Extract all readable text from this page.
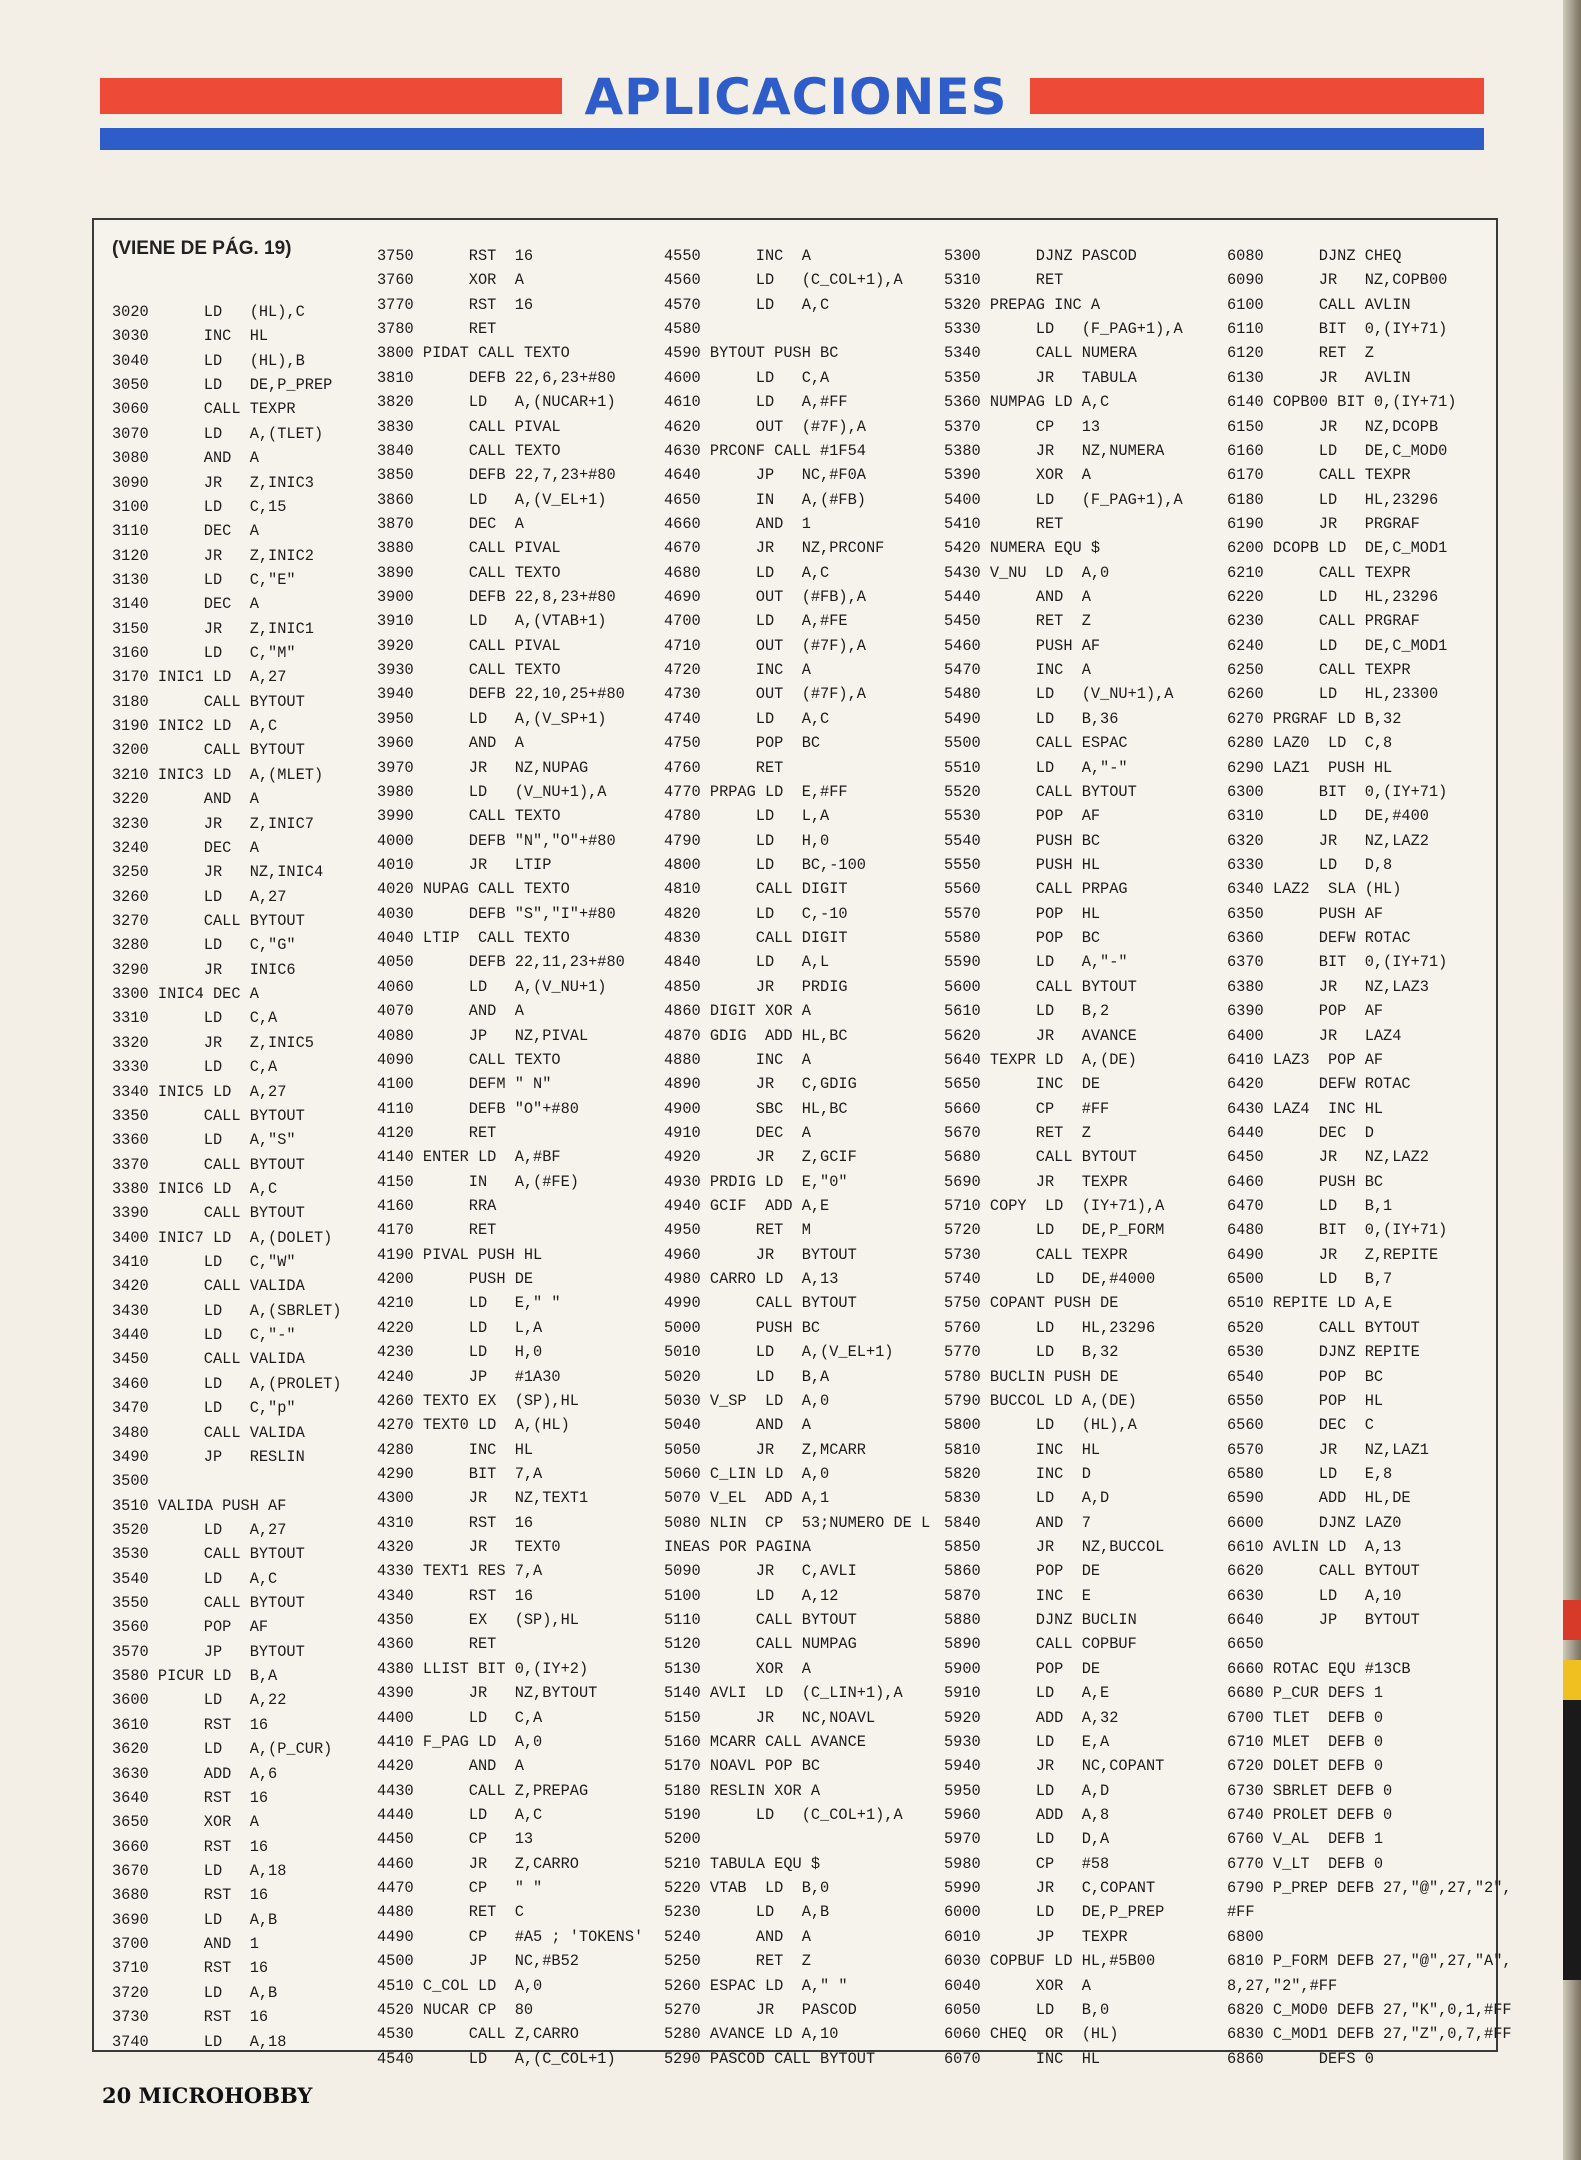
APLICACIONES
(VIENE DE PÁG. 19)
3020      LD   (HL),C
3030      INC  HL
3040      LD   (HL),B
3050      LD   DE,P_PREP
3060      CALL TEXPR
3070      LD   A,(TLET)
3080      AND  A
3090      JR   Z,INIC3
3100      LD   C,15
3110      DEC  A
3120      JR   Z,INIC2
3130      LD   C,"E"
3140      DEC  A
3150      JR   Z,INIC1
3160      LD   C,"M"
3170 INIC1 LD  A,27
3180      CALL BYTOUT
3190 INIC2 LD  A,C
3200      CALL BYTOUT
3210 INIC3 LD  A,(MLET)
3220      AND  A
3230      JR   Z,INIC7
3240      DEC  A
3250      JR   NZ,INIC4
3260      LD   A,27
3270      CALL BYTOUT
3280      LD   C,"G"
3290      JR   INIC6
3300 INIC4 DEC A
3310      LD   C,A
3320      JR   Z,INIC5
3330      LD   C,A
3340 INIC5 LD  A,27
3350      CALL BYTOUT
3360      LD   A,"S"
3370      CALL BYTOUT
3380 INIC6 LD  A,C
3390      CALL BYTOUT
3400 INIC7 LD  A,(DOLET)
3410      LD   C,"W"
3420      CALL VALIDA
3430      LD   A,(SBRLET)
3440      LD   C,"-"
3450      CALL VALIDA
3460      LD   A,(PROLET)
3470      LD   C,"p"
3480      CALL VALIDA
3490      JP   RESLIN
3500
3510 VALIDA PUSH AF
3520      LD   A,27
3530      CALL BYTOUT
3540      LD   A,C
3550      CALL BYTOUT
3560      POP  AF
3570      JP   BYTOUT
3580 PICUR LD  B,A
3600      LD   A,22
3610      RST  16
3620      LD   A,(P_CUR)
3630      ADD  A,6
3640      RST  16
3650      XOR  A
3660      RST  16
3670      LD   A,18
3680      RST  16
3690      LD   A,B
3700      AND  1
3710      RST  16
3720      LD   A,B
3730      RST  16
3740      LD   A,18
3750      RST  16
3760      XOR  A
3770      RST  16
3780      RET
3800 PIDAT CALL TEXTO
3810      DEFB 22,6,23+#80
3820      LD   A,(NUCAR+1)
3830      CALL PIVAL
3840      CALL TEXTO
3850      DEFB 22,7,23+#80
3860      LD   A,(V_EL+1)
3870      DEC  A
3880      CALL PIVAL
3890      CALL TEXTO
3900      DEFB 22,8,23+#80
3910      LD   A,(VTAB+1)
3920      CALL PIVAL
3930      CALL TEXTO
3940      DEFB 22,10,25+#80
3950      LD   A,(V_SP+1)
3960      AND  A
3970      JR   NZ,NUPAG
3980      LD   (V_NU+1),A
3990      CALL TEXTO
4000      DEFB "N","O"+#80
4010      JR   LTIP
4020 NUPAG CALL TEXTO
4030      DEFB "S","I"+#80
4040 LTIP  CALL TEXTO
4050      DEFB 22,11,23+#80
4060      LD   A,(V_NU+1)
4070      AND  A
4080      JP   NZ,PIVAL
4090      CALL TEXTO
4100      DEFM " N"
4110      DEFB "O"+#80
4120      RET
4140 ENTER LD  A,#BF
4150      IN   A,(#FE)
4160      RRA
4170      RET
4190 PIVAL PUSH HL
4200      PUSH DE
4210      LD   E," "
4220      LD   L,A
4230      LD   H,0
4240      JP   #1A30
4260 TEXTO EX  (SP),HL
4270 TEXT0 LD  A,(HL)
4280      INC  HL
4290      BIT  7,A
4300      JR   NZ,TEXT1
4310      RST  16
4320      JR   TEXT0
4330 TEXT1 RES 7,A
4340      RST  16
4350      EX   (SP),HL
4360      RET
4380 LLIST BIT 0,(IY+2)
4390      JR   NZ,BYTOUT
4400      LD   C,A
4410 F_PAG LD  A,0
4420      AND  A
4430      CALL Z,PREPAG
4440      LD   A,C
4450      CP   13
4460      JR   Z,CARRO
4470      CP   " "
4480      RET  C
4490      CP   #A5 ; 'TOKENS'
4500      JP   NC,#B52
4510 C_COL LD  A,0
4520 NUCAR CP  80
4530      CALL Z,CARRO
4540      LD   A,(C_COL+1)
4550      INC  A
4560      LD   (C_COL+1),A
4570      LD   A,C
4580
4590 BYTOUT PUSH BC
4600      LD   C,A
4610      LD   A,#FF
4620      OUT  (#7F),A
4630 PRCONF CALL #1F54
4640      JP   NC,#F0A
4650      IN   A,(#FB)
4660      AND  1
4670      JR   NZ,PRCONF
4680      LD   A,C
4690      OUT  (#FB),A
4700      LD   A,#FE
4710      OUT  (#7F),A
4720      INC  A
4730      OUT  (#7F),A
4740      LD   A,C
4750      POP  BC
4760      RET
4770 PRPAG LD  E,#FF
4780      LD   L,A
4790      LD   H,0
4800      LD   BC,-100
4810      CALL DIGIT
4820      LD   C,-10
4830      CALL DIGIT
4840      LD   A,L
4850      JR   PRDIG
4860 DIGIT XOR A
4870 GDIG  ADD HL,BC
4880      INC  A
4890      JR   C,GDIG
4900      SBC  HL,BC
4910      DEC  A
4920      JR   Z,GCIF
4930 PRDIG LD  E,"0"
4940 GCIF  ADD A,E
4950      RET  M
4960      JR   BYTOUT
4980 CARRO LD  A,13
4990      CALL BYTOUT
5000      PUSH BC
5010      LD   A,(V_EL+1)
5020      LD   B,A
5030 V_SP  LD  A,0
5040      AND  A
5050      JR   Z,MCARR
5060 C_LIN LD  A,0
5070 V_EL  ADD A,1
5080 NLIN  CP  53;NUMERO DE L
INEAS POR PAGINA
5090      JR   C,AVLI
5100      LD   A,12
5110      CALL BYTOUT
5120      CALL NUMPAG
5130      XOR  A
5140 AVLI  LD  (C_LIN+1),A
5150      JR   NC,NOAVL
5160 MCARR CALL AVANCE
5170 NOAVL POP BC
5180 RESLIN XOR A
5190      LD   (C_COL+1),A
5200
5210 TABULA EQU $
5220 VTAB  LD  B,0
5230      LD   A,B
5240      AND  A
5250      RET  Z
5260 ESPAC LD  A," "
5270      JR   PASCOD
5280 AVANCE LD A,10
5290 PASCOD CALL BYTOUT
5300      DJNZ PASCOD
5310      RET
5320 PREPAG INC A
5330      LD   (F_PAG+1),A
5340      CALL NUMERA
5350      JR   TABULA
5360 NUMPAG LD A,C
5370      CP   13
5380      JR   NZ,NUMERA
5390      XOR  A
5400      LD   (F_PAG+1),A
5410      RET
5420 NUMERA EQU $
5430 V_NU  LD  A,0
5440      AND  A
5450      RET  Z
5460      PUSH AF
5470      INC  A
5480      LD   (V_NU+1),A
5490      LD   B,36
5500      CALL ESPAC
5510      LD   A,"-"
5520      CALL BYTOUT
5530      POP  AF
5540      PUSH BC
5550      PUSH HL
5560      CALL PRPAG
5570      POP  HL
5580      POP  BC
5590      LD   A,"-"
5600      CALL BYTOUT
5610      LD   B,2
5620      JR   AVANCE
5640 TEXPR LD  A,(DE)
5650      INC  DE
5660      CP   #FF
5670      RET  Z
5680      CALL BYTOUT
5690      JR   TEXPR
5710 COPY  LD  (IY+71),A
5720      LD   DE,P_FORM
5730      CALL TEXPR
5740      LD   DE,#4000
5750 COPANT PUSH DE
5760      LD   HL,23296
5770      LD   B,32
5780 BUCLIN PUSH DE
5790 BUCCOL LD A,(DE)
5800      LD   (HL),A
5810      INC  HL
5820      INC  D
5830      LD   A,D
5840      AND  7
5850      JR   NZ,BUCCOL
5860      POP  DE
5870      INC  E
5880      DJNZ BUCLIN
5890      CALL COPBUF
5900      POP  DE
5910      LD   A,E
5920      ADD  A,32
5930      LD   E,A
5940      JR   NC,COPANT
5950      LD   A,D
5960      ADD  A,8
5970      LD   D,A
5980      CP   #58
5990      JR   C,COPANT
6000      LD   DE,P_PREP
6010      JP   TEXPR
6030 COPBUF LD HL,#5B00
6040      XOR  A
6050      LD   B,0
6060 CHEQ  OR  (HL)
6070      INC  HL
6080      DJNZ CHEQ
6090      JR   NZ,COPB00
6100      CALL AVLIN
6110      BIT  0,(IY+71)
6120      RET  Z
6130      JR   AVLIN
6140 COPB00 BIT 0,(IY+71)
6150      JR   NZ,DCOPB
6160      LD   DE,C_MOD0
6170      CALL TEXPR
6180      LD   HL,23296
6190      JR   PRGRAF
6200 DCOPB LD  DE,C_MOD1
6210      CALL TEXPR
6220      LD   HL,23296
6230      CALL PRGRAF
6240      LD   DE,C_MOD1
6250      CALL TEXPR
6260      LD   HL,23300
6270 PRGRAF LD B,32
6280 LAZ0  LD  C,8
6290 LAZ1  PUSH HL
6300      BIT  0,(IY+71)
6310      LD   DE,#400
6320      JR   NZ,LAZ2
6330      LD   D,8
6340 LAZ2  SLA (HL)
6350      PUSH AF
6360      DEFW ROTAC
6370      BIT  0,(IY+71)
6380      JR   NZ,LAZ3
6390      POP  AF
6400      JR   LAZ4
6410 LAZ3  POP AF
6420      DEFW ROTAC
6430 LAZ4  INC HL
6440      DEC  D
6450      JR   NZ,LAZ2
6460      PUSH BC
6470      LD   B,1
6480      BIT  0,(IY+71)
6490      JR   Z,REPITE
6500      LD   B,7
6510 REPITE LD A,E
6520      CALL BYTOUT
6530      DJNZ REPITE
6540      POP  BC
6550      POP  HL
6560      DEC  C
6570      JR   NZ,LAZ1
6580      LD   E,8
6590      ADD  HL,DE
6600      DJNZ LAZ0
6610 AVLIN LD  A,13
6620      CALL BYTOUT
6630      LD   A,10
6640      JP   BYTOUT
6650
6660 ROTAC EQU #13CB
6680 P_CUR DEFS 1
6700 TLET  DEFB 0
6710 MLET  DEFB 0
6720 DOLET DEFB 0
6730 SBRLET DEFB 0
6740 PROLET DEFB 0
6760 V_AL  DEFB 1
6770 V_LT  DEFB 0
6790 P_PREP DEFB 27,"@",27,"2",
#FF
6800
6810 P_FORM DEFB 27,"@",27,"A",
8,27,"2",#FF
6820 C_MOD0 DEFB 27,"K",0,1,#FF
6830 C_MOD1 DEFB 27,"Z",0,7,#FF
6860      DEFS 0
20 MICROHOBBY
